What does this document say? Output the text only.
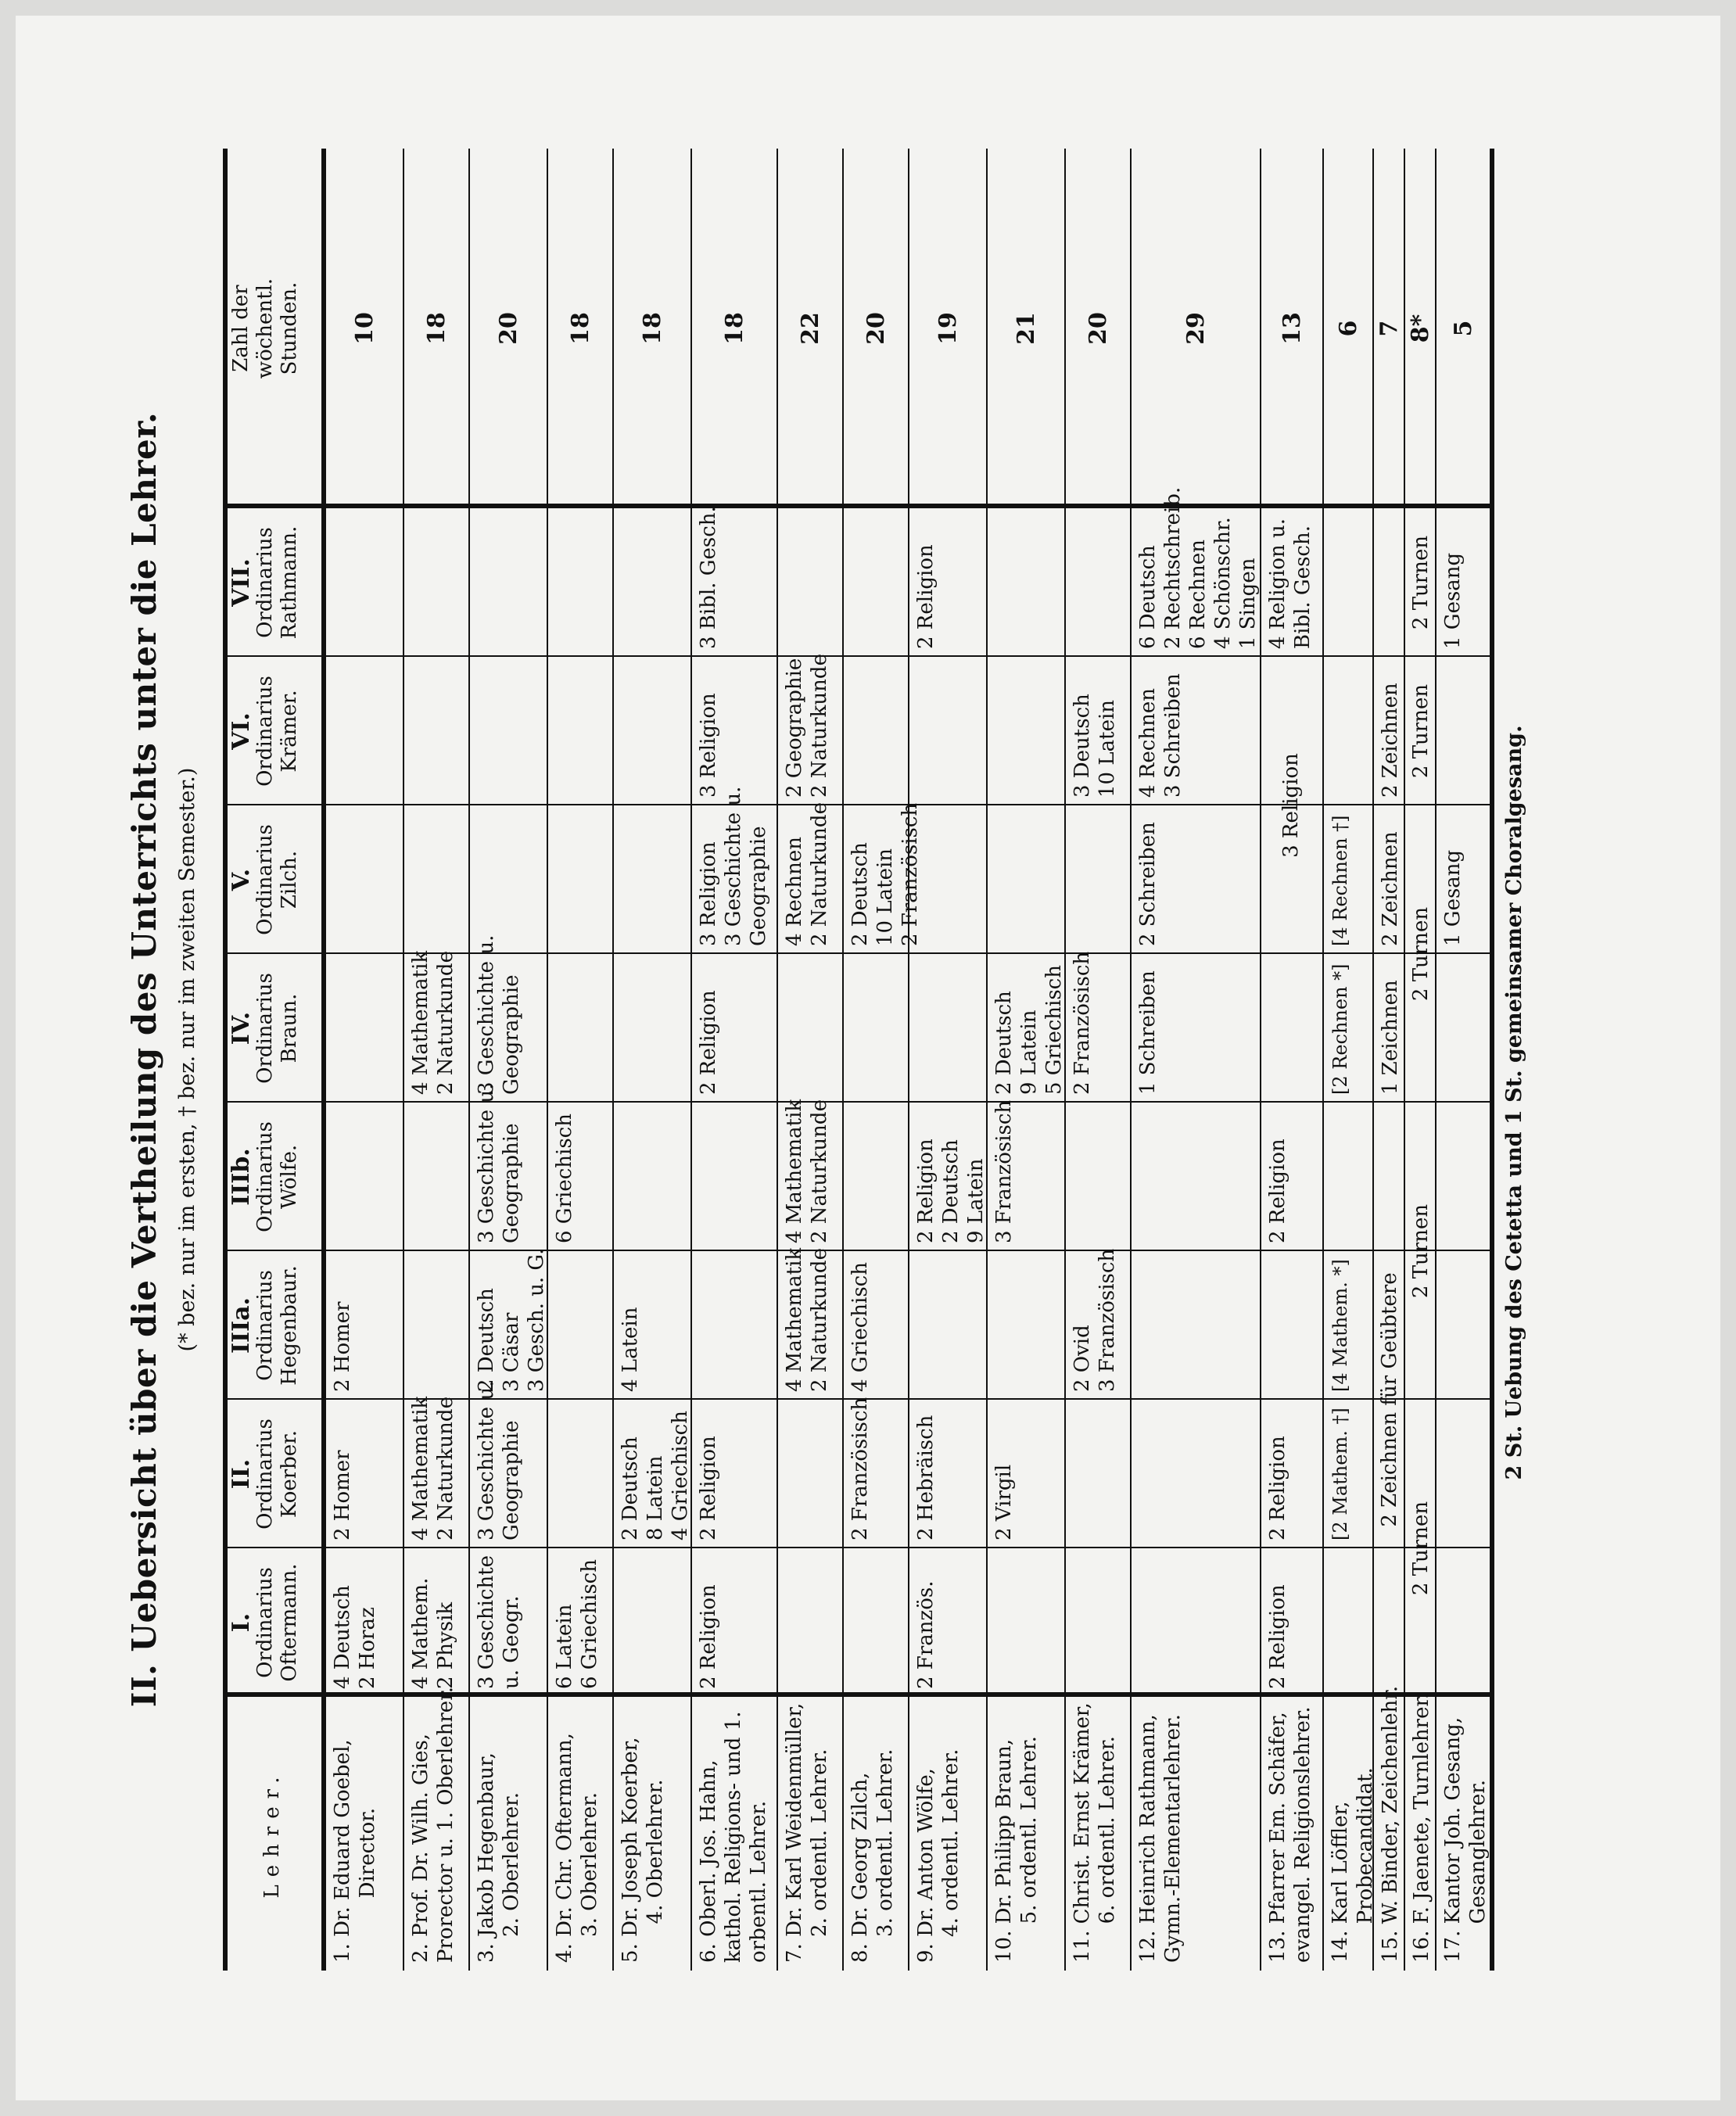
II. Uebersicht über die Vertheilung des Unterrichts unter die Lehrer. (* bez. nur im ersten, † bez. nur im zweiten Semester.)
Lehrer.
I.
Ordinarius Oftermann.
II.
Ordinarius Koerber.
IIIa.
Ordinarius Hegenbaur.
IIIb.
Ordinarius Wölfe.
IV.
Ordinarius Braun.
V.
Ordinarius Zilch.
VI.
Ordinarius Krämer.
VII.
Ordinarius Rathmann.
Zahl der wöchentl. Stunden.
1. Dr. Eduard Goebel,
Director.
4 Deutsch
2 Horaz
2 Homer
2 Homer
10
2. Prof. Dr. Wilh. Gies,
Prorector u. 1. Oberlehrer.
4 Mathem.
2 Physik
4 Mathematik
2 Naturkunde
4 Mathematik
2 Naturkunde
18
3. Jakob Hegenbaur,
2. Oberlehrer.
3 Geschichte
u. Geogr.
3 Geschichte u.
Geographie
2 Deutsch
3 Cäsar
3 Gesch. u. G.
3 Geschichte u.
Geographie
3 Geschichte u.
Geographie
20
4. Dr. Chr. Oftermann,
3. Oberlehrer.
6 Latein
6 Griechisch
6 Griechisch
18
5. Dr. Joseph Koerber,
4. Oberlehrer.
2 Deutsch
8 Latein
4 Griechisch
4 Latein
18
6. Oberl. Jos. Hahn,
kathol. Religions- und 1.
orbentl. Lehrer.
2 Religion
2 Religion
2 Religion
3 Religion
3 Geschichte u.
Geographie
3 Religion
3 Bibl. Gesch.
18
7. Dr. Karl Weidenmüller,
2. ordentl. Lehrer.
4 Mathematik
2 Naturkunde
4 Mathematik
2 Naturkunde
4 Rechnen
2 Naturkunde
2 Geographie
2 Naturkunde
22
8. Dr. Georg Zilch,
3. ordentl. Lehrer.
2 Französisch
4 Griechisch
2 Deutsch
10 Latein
2 Französisch
20
9. Dr. Anton Wölfe,
4. ordentl. Lehrer.
2 Französ.
2 Hebräisch
2 Religion
2 Deutsch
9 Latein
2 Religion
19
10. Dr. Philipp Braun,
5. ordentl. Lehrer.
2 Virgil
3 Französisch
2 Deutsch
9 Latein
5 Griechisch
21
11. Christ. Ernst Krämer,
6. ordentl. Lehrer.
2 Ovid
3 Französisch
2 Französisch
3 Deutsch
10 Latein
20
12. Heinrich Rathmann,
Gymn.-Elementarlehrer.
1 Schreiben
2 Schreiben
4 Rechnen
3 Schreiben
6 Deutsch
2 Rechtschreib.
6 Rechnen
4 Schönschr.
1 Singen
29
13. Pfarrer Em. Schäfer,
evangel. Religionslehrer.
2 Religion
2 Religion
2 Religion
4 Religion u.
Bibl. Gesch.
13
14. Karl Löffler,
Probecandidat.
[2 Mathem. †]
[4 Mathem. *]
[2 Rechnen *]
[4 Rechnen †]
6
15. W. Binder, Zeichenlehr.
1 Zeichnen
2 Zeichnen
2 Zeichnen
7
16. F. Jaenete, Turnlehrer.
8*
17. Kantor Joh. Gesang,
Gesanglehrer.
1 Gesang
1 Gesang
5
3 Religion
2 Zeichnen für Geübtere
2 Turnen
2 Turnen
2 Turnen
2 Turnen
2 Turnen
2 St. Uebung des Cetetta und 1 St. gemeinsamer Choralgesang.
